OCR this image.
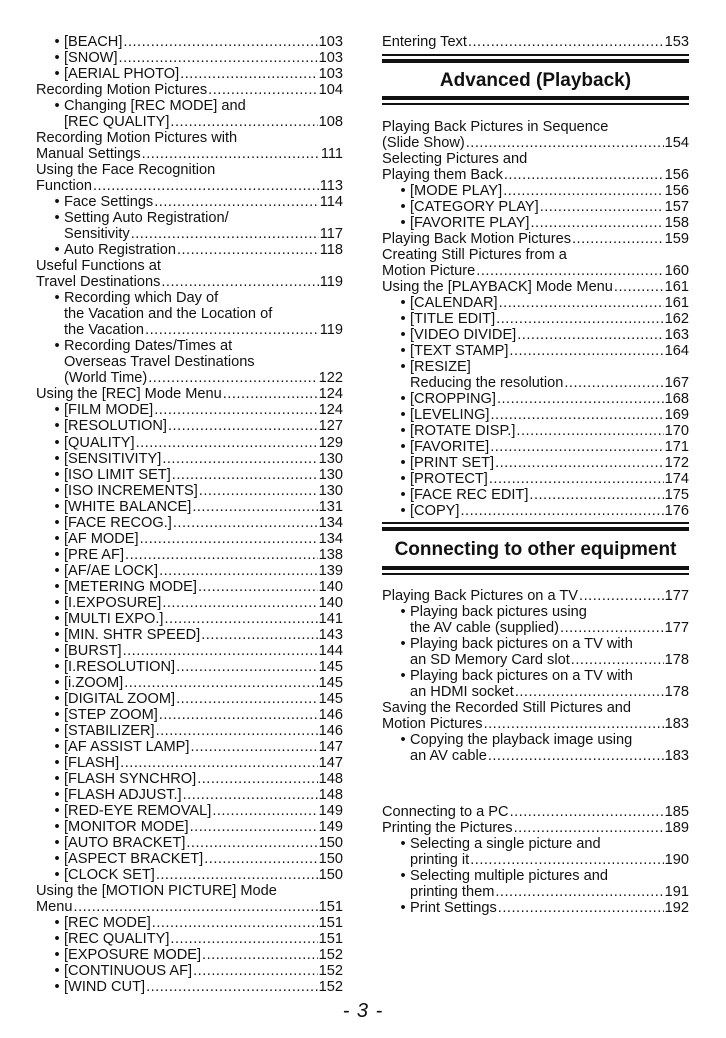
• [BEACH] .....	103
• [SNOW] .....	103
• [AERIAL PHOTO] .....	103
Recording Motion Pictures .....	104
• Changing [REC MODE] and
[REC QUALITY] .....	108
Recording Motion Pictures with
Manual Settings .....	111
Using the Face Recognition
Function .....	113
• Face Settings .....	114
• Setting Auto Registration/
Sensitivity .....	117
• Auto Registration .....	118
Useful Functions at
Travel Destinations .....	119
• Recording which Day of
the Vacation and the Location of
the Vacation .....	119
• Recording Dates/Times at
Overseas Travel Destinations
(World Time) .....	122
Using the [REC] Mode Menu .....	124
• [FILM MODE] .....	124
• [RESOLUTION] .....	127
• [QUALITY] .....	129
• [SENSITIVITY] .....	130
• [ISO LIMIT SET] .....	130
• [ISO INCREMENTS] .....	130
• [WHITE BALANCE] .....	131
• [FACE RECOG.] .....	134
• [AF MODE] .....	134
• [PRE AF] .....	138
• [AF/AE LOCK] .....	139
• [METERING MODE] .....	140
• [I.EXPOSURE] .....	140
• [MULTI EXPO.] .....	141
• [MIN. SHTR SPEED] .....	143
• [BURST] .....	144
• [I.RESOLUTION] .....	145
• [i.ZOOM] .....	145
• [DIGITAL ZOOM] .....	145
• [STEP ZOOM] .....	146
• [STABILIZER] .....	146
• [AF ASSIST LAMP] .....	147
• [FLASH] .....	147
• [FLASH SYNCHRO] .....	148
• [FLASH ADJUST.] .....	148
• [RED-EYE REMOVAL] .....	149
• [MONITOR MODE] .....	149
• [AUTO BRACKET] .....	150
• [ASPECT BRACKET] .....	150
• [CLOCK SET] .....	150
Using the [MOTION PICTURE] Mode
Menu .....	151
• [REC MODE] .....	151
• [REC QUALITY] .....	151
• [EXPOSURE MODE] .....	152
• [CONTINUOUS AF] .....	152
• [WIND CUT] .....	152
Advanced (Playback)
Connecting to other equipment
Entering Text .....	153
Playing Back Pictures in Sequence
(Slide Show) .....	154
Selecting Pictures and
Playing them Back .....	156
• [MODE PLAY] .....	156
• [CATEGORY PLAY] .....	157
• [FAVORITE PLAY] .....	158
Playing Back Motion Pictures .....	159
Creating Still Pictures from a
Motion Picture .....	160
Using the [PLAYBACK] Mode Menu .....	161
• [CALENDAR] .....	161
• [TITLE EDIT] .....	162
• [VIDEO DIVIDE] .....	163
• [TEXT STAMP] .....	164
• [RESIZE]
Reducing the resolution .....	167
• [CROPPING] .....	168
• [LEVELING] .....	169
• [ROTATE DISP.] .....	170
• [FAVORITE] .....	171
• [PRINT SET] .....	172
• [PROTECT] .....	174
• [FACE REC EDIT] .....	175
• [COPY] .....	176
Playing Back Pictures on a TV .....	177
• Playing back pictures using
the AV cable (supplied) .....	177
• Playing back pictures on a TV with
an SD Memory Card slot .....	178
• Playing back pictures on a TV with
an HDMI socket .....	178
Saving the Recorded Still Pictures and
Motion Pictures .....	183
• Copying the playback image using
an AV cable .....	183
Connecting to a PC .....	185
Printing the Pictures .....	189
• Selecting a single picture and
printing it .....	190
• Selecting multiple pictures and
printing them .....	191
• Print Settings .....	192
- 3 -
